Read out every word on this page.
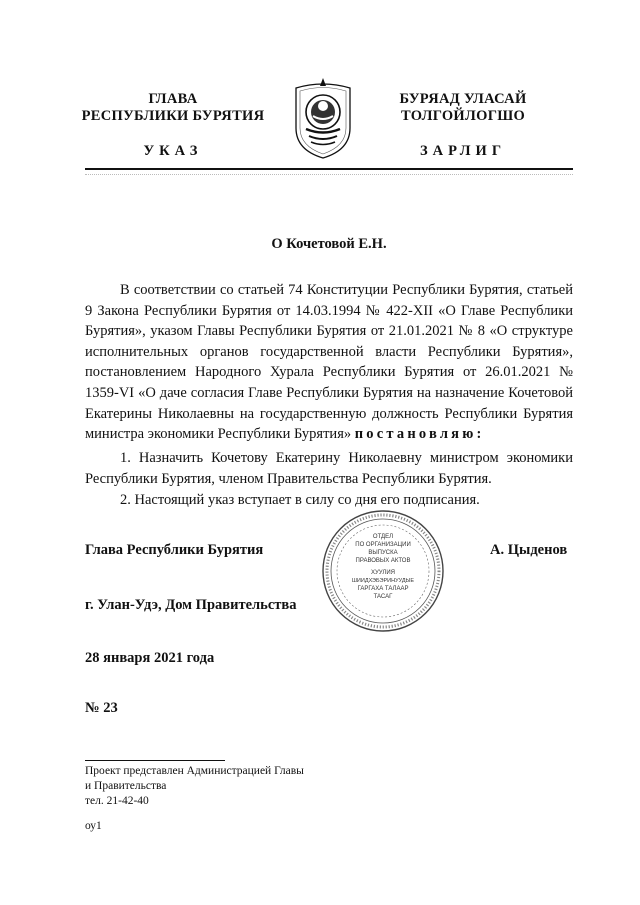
ГЛАВА
РЕСПУБЛИКИ БУРЯТИЯ
БУРЯАД УЛАСАЙ
ТОЛГОЙЛОГШО
УКАЗ	ЗАРЛИГ
О Кочетовой Е.Н.
В соответствии со статьей 74 Конституции Республики Бурятия, статьей 9 Закона Республики Бурятия от 14.03.1994 № 422-XII «О Главе Республики Бурятия», указом Главы Республики Бурятия от 21.01.2021 № 8 «О структуре исполнительных органов государственной власти Республики Бурятия», постановлением Народного Хурала Республики Бурятия от 26.01.2021 № 1359-VI «О даче согласия Главе Республики Бурятия на назначение Кочетовой Екатерины Николаевны на государственную должность Республики Бурятия министра экономики Республики Бурятия» постановляю:
1. Назначить Кочетову Екатерину Николаевну министром экономики Республики Бурятия, членом Правительства Республики Бурятия.
2. Настоящий указ вступает в силу со дня его подписания.
Глава Республики Бурятия	А. Цыденов
ОТДЕЛ
ПО ОРГАНИЗАЦИИ
ВЫПУСКА
ПРАВОВЫХ АКТОВ
ХУУЛИЯ
ШИИДХЭБЭРИНУУДЫЕ
ГАРГАХА ТАЛААР
ТАСАГ
г. Улан-Удэ, Дом Правительства
28 января 2021 года
№ 23
Проект представлен Администрацией Главы
и Правительства
тел. 21-42-40
оу1
